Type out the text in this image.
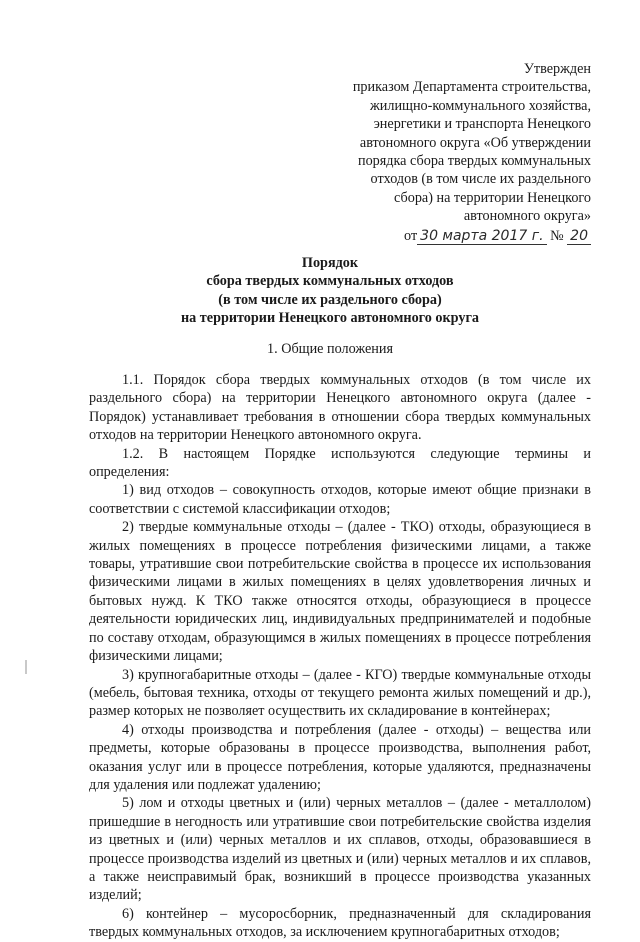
Утвержден
приказом Департамента строительства,
жилищно-коммунального хозяйства,
энергетики и транспорта Ненецкого
автономного округа «Об утверждении
порядка сбора твердых коммунальных
отходов (в том числе их раздельного
сбора) на территории Ненецкого
автономного округа»
от 30 марта 2017 г. № 20
Порядок
сбора твердых коммунальных отходов
(в том числе их раздельного сбора)
на территории Ненецкого автономного округа
1. Общие положения

1.1. Порядок сбора твердых коммунальных отходов (в том числе их раздельного сбора) на территории Ненецкого автономного округа (далее - Порядок) устанавливает требования в отношении сбора твердых коммунальных отходов на территории Ненецкого автономного округа.

1.2. В настоящем Порядке используются следующие термины и определения:

1) вид отходов – совокупность отходов, которые имеют общие признаки в соответствии с системой классификации отходов;

2) твердые коммунальные отходы – (далее - ТКО) отходы, образующиеся в жилых помещениях в процессе потребления физическими лицами, а также товары, утратившие свои потребительские свойства в процессе их использования физическими лицами в жилых помещениях в целях удовлетворения личных и бытовых нужд. К ТКО также относятся отходы, образующиеся в процессе деятельности юридических лиц, индивидуальных предпринимателей и подобные по составу отходам, образующимся в жилых помещениях в процессе потребления физическими лицами;

3) крупногабаритные отходы – (далее - КГО) твердые коммунальные отходы (мебель, бытовая техника, отходы от текущего ремонта жилых помещений и др.), размер которых не позволяет осуществить их складирование в контейнерах;

4) отходы производства и потребления (далее - отходы) – вещества или предметы, которые образованы в процессе производства, выполнения работ, оказания услуг или в процессе потребления, которые удаляются, предназначены для удаления или подлежат удалению;

5) лом и отходы цветных и (или) черных металлов – (далее - металлолом) пришедшие в негодность или утратившие свои потребительские свойства изделия из цветных и (или) черных металлов и их сплавов, отходы, образовавшиеся в процессе производства изделий из цветных и (или) черных металлов и их сплавов, а также неисправимый брак, возникший в процессе производства указанных изделий;

6) контейнер – мусоросборник, предназначенный для складирования твердых коммунальных отходов, за исключением крупногабаритных отходов;
